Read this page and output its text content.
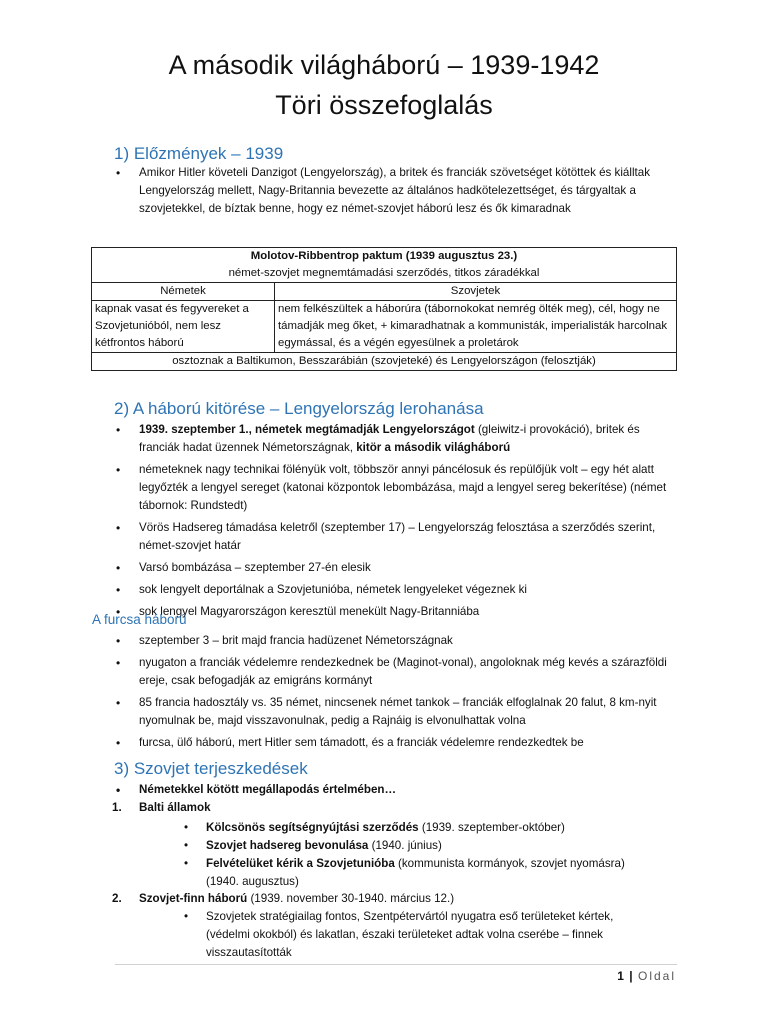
A második világháború – 1939-1942
Töri összefoglalás
1) Előzmények – 1939
• Amikor Hitler követeli Danzigot (Lengyelország), a britek és franciák szövetséget kötöttek és kiálltak Lengyelország mellett, Nagy-Britannia bevezette az általános hadkötelezettséget, és tárgyaltak a szovjetekkel, de bíztak benne, hogy ez német-szovjet háború lesz és ők kimaradnak
Molotov-Ribbentrop paktum (1939 augusztus 23.)
német-szovjet megnemtámadási szerződés, titkos záradékkal	
Németek	Szovjetek
kapnak vasat és fegyvereket a Szovjetunióból, nem lesz kétfrontos háború	nem felkészültek a háborúra (tábornokokat nemrég ölték meg), cél, hogy ne támadják meg őket, + kimaradhatnak a kommunisták, imperialisták harcolnak egymással, és a végén egyesülnek a proletárok
osztoznak a Baltikumon, Besszarábián (szovjeteké) és Lengyelországon (felosztják)	
2) A háború kitörése – Lengyelország lerohanása
• 1939. szeptember 1., németek megtámadják Lengyelországot (gleiwitz-i provokáció), britek és franciák hadat üzennek Németországnak, kitör a második világháború
• németeknek nagy technikai fölényük volt, többször annyi páncélosuk és repülőjük volt – egy hét alatt legyőzték a lengyel sereget (katonai központok lebombázása, majd a lengyel sereg bekerítése) (német tábornok: Rundstedt)
• Vörös Hadsereg támadása keletről (szeptember 17) – Lengyelország felosztása a szerződés szerint, német-szovjet határ
• Varsó bombázása – szeptember 27-én elesik
• sok lengyelt deportálnak a Szovjetunióba, németek lengyeleket végeznek ki
• sok lengyel Magyarországon keresztül menekült Nagy-Britanniába
A furcsa háború
• szeptember 3 – brit majd francia hadüzenet Németországnak
• nyugaton a franciák védelemre rendezkednek be (Maginot-vonal), angoloknak még kevés a szárazföldi ereje, csak befogadják az emigráns kormányt
• 85 francia hadosztály vs. 35 német, nincsenek német tankok – franciák elfoglalnak 20 falut, 8 km-nyit nyomulnak be, majd visszavonulnak, pedig a Rajnáig is elvonulhattak volna
• furcsa, ülő háború, mert Hitler sem támadott, és a franciák védelemre rendezkedtek be
3) Szovjet terjeszkedések
• Németekkel kötött megállapodás értelmében…
1. Balti államok
• Kölcsönös segítségnyújtási szerződés (1939. szeptember-október)
• Szovjet hadsereg bevonulása (1940. június)
• Felvételüket kérik a Szovjetunióba (kommunista kormányok, szovjet nyomásra) (1940. augusztus)
2. Szovjet-finn háború (1939. november 30-1940. március 12.)
• Szovjetek stratégiailag fontos, Szentpétervártól nyugatra eső területeket kértek, (védelmi okokból) és lakatlan, északi területeket adtak volna cserébe – finnek visszautasították
1 | Oldal
